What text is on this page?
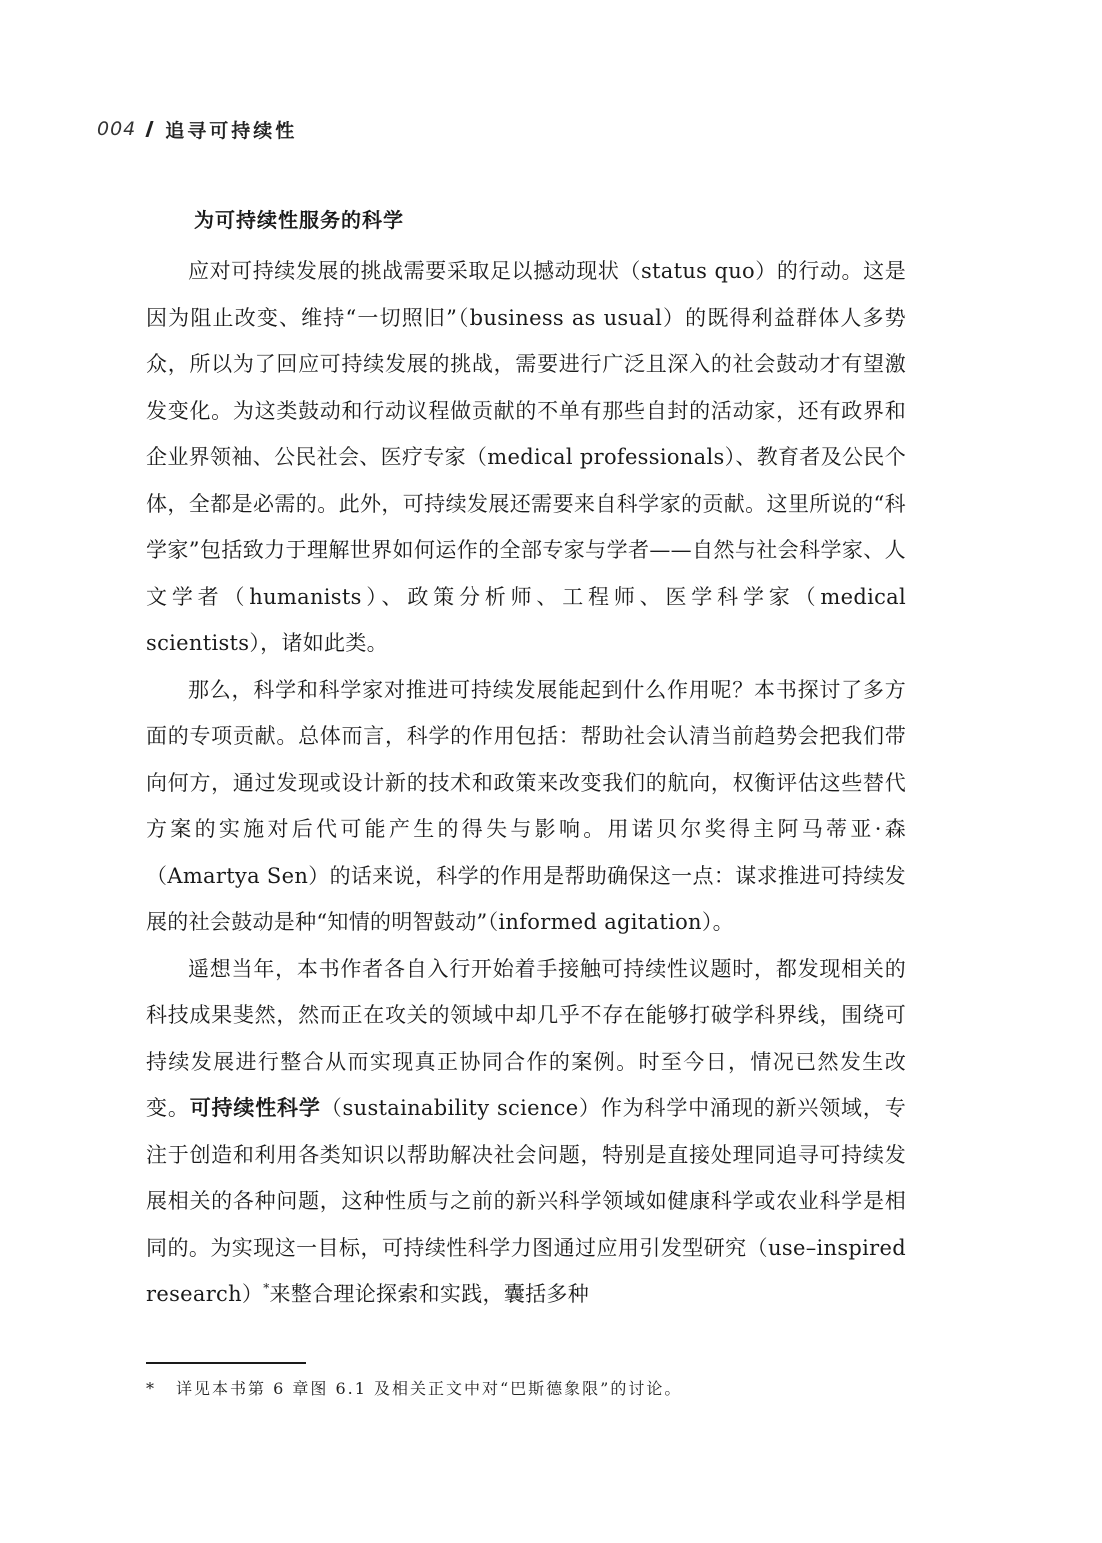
004 追寻可持续性
为可持续性服务的科学

应对可持续发展的挑战需要采取足以撼动现状（status quo）的行动。这是因为阻止改变、维持“一切照旧”（business as usual）的既得利益群体人多势众，所以为了回应可持续发展的挑战，需要进行广泛且深入的社会鼓动才有望激发变化。为这类鼓动和行动议程做贡献的不单有那些自封的活动家，还有政界和企业界领袖、公民社会、医疗专家（medical professionals）、教育者及公民个体，全都是必需的。此外，可持续发展还需要来自科学家的贡献。这里所说的“科学家”包括致力于理解世界如何运作的全部专家与学者——自然与社会科学家、人文学者（humanists）、政策分析师、工程师、医学科学家（medical scientists），诸如此类。

那么，科学和科学家对推进可持续发展能起到什么作用呢？本书探讨了多方面的专项贡献。总体而言，科学的作用包括：帮助社会认清当前趋势会把我们带向何方，通过发现或设计新的技术和政策来改变我们的航向，权衡评估这些替代方案的实施对后代可能产生的得失与影响。用诺贝尔奖得主阿马蒂亚·森（Amartya Sen）的话来说，科学的作用是帮助确保这一点：谋求推进可持续发展的社会鼓动是种“知情的明智鼓动”（informed agitation）。

遥想当年，本书作者各自入行开始着手接触可持续性议题时，都发现相关的科技成果斐然，然而正在攻关的领域中却几乎不存在能够打破学科界线，围绕可持续发展进行整合从而实现真正协同合作的案例。时至今日，情况已然发生改变。可持续性科学（sustainability science）作为科学中涌现的新兴领域，专注于创造和利用各类知识以帮助解决社会问题，特别是直接处理同追寻可持续发展相关的各种问题，这种性质与之前的新兴科学领域如健康科学或农业科学是相同的。为实现这一目标，可持续性科学力图通过应用引发型研究（use–inspired research）*来整合理论探索和实践，囊括多种

* 详见本书第 6 章图 6.1 及相关正文中对“巴斯德象限”的讨论。
